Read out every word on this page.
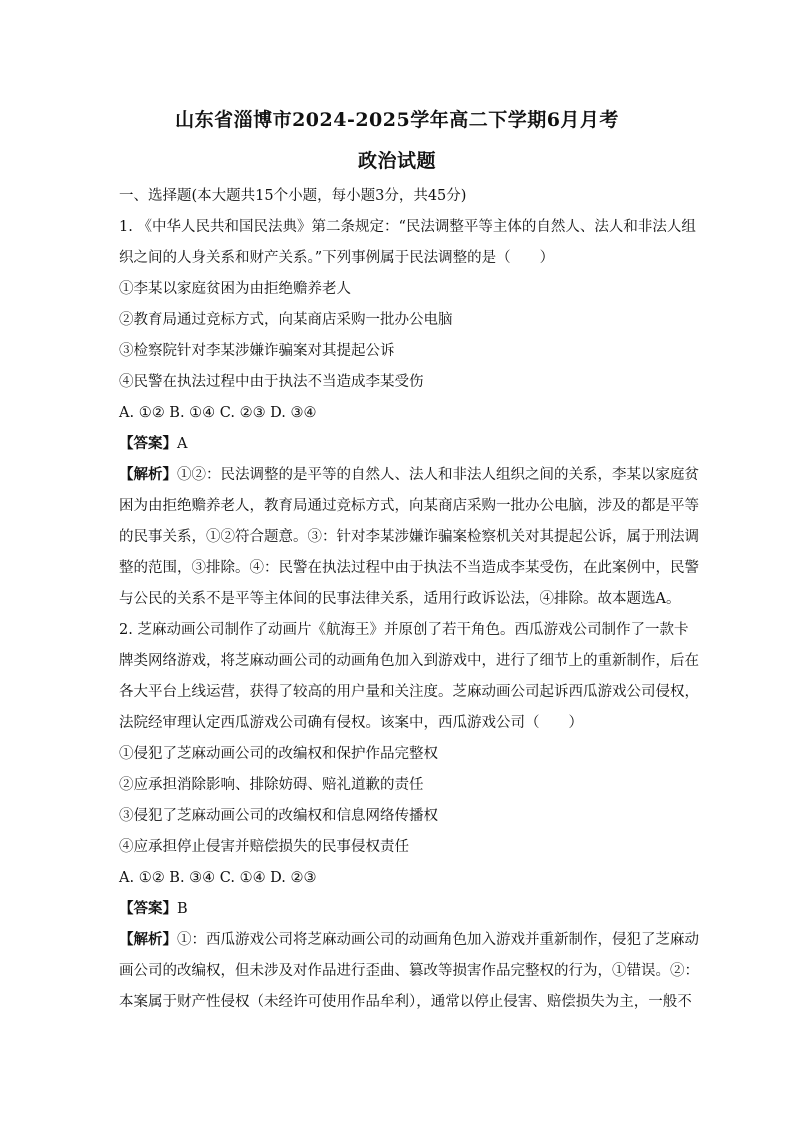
山东省淄博市2024-2025学年高二下学期6月月考
政治试题
一、选择题(本大题共15个小题，每小题3分，共45分)
1. 《中华人民共和国民法典》第二条规定：“民法调整平等主体的自然人、法人和非法人组
织之间的人身关系和财产关系。”下列事例属于民法调整的是（　　）
①李某以家庭贫困为由拒绝赡养老人
②教育局通过竞标方式，向某商店采购一批办公电脑
③检察院针对李某涉嫌诈骗案对其提起公诉
④民警在执法过程中由于执法不当造成李某受伤
A. ①② B. ①④ C. ②③ D. ③④
【答案】A
【解析】①②：民法调整的是平等的自然人、法人和非法人组织之间的关系，李某以家庭贫
困为由拒绝赡养老人，教育局通过竞标方式，向某商店采购一批办公电脑，涉及的都是平等
的民事关系，①②符合题意。③：针对李某涉嫌诈骗案检察机关对其提起公诉，属于刑法调
整的范围，③排除。④：民警在执法过程中由于执法不当造成李某受伤，在此案例中，民警
与公民的关系不是平等主体间的民事法律关系，适用行政诉讼法，④排除。故本题选A。
2. 芝麻动画公司制作了动画片《航海王》并原创了若干角色。西瓜游戏公司制作了一款卡
牌类网络游戏，将芝麻动画公司的动画角色加入到游戏中，进行了细节上的重新制作，后在
各大平台上线运营，获得了较高的用户量和关注度。芝麻动画公司起诉西瓜游戏公司侵权，
法院经审理认定西瓜游戏公司确有侵权。该案中，西瓜游戏公司（　　）
①侵犯了芝麻动画公司的改编权和保护作品完整权
②应承担消除影响、排除妨碍、赔礼道歉的责任
③侵犯了芝麻动画公司的改编权和信息网络传播权
④应承担停止侵害并赔偿损失的民事侵权责任
A. ①② B. ③④ C. ①④ D. ②③
【答案】B
【解析】①：西瓜游戏公司将芝麻动画公司的动画角色加入游戏并重新制作，侵犯了芝麻动
画公司的改编权，但未涉及对作品进行歪曲、篡改等损害作品完整权的行为，①错误。②：
本案属于财产性侵权（未经许可使用作品牟利），通常以停止侵害、赔偿损失为主，一般不
